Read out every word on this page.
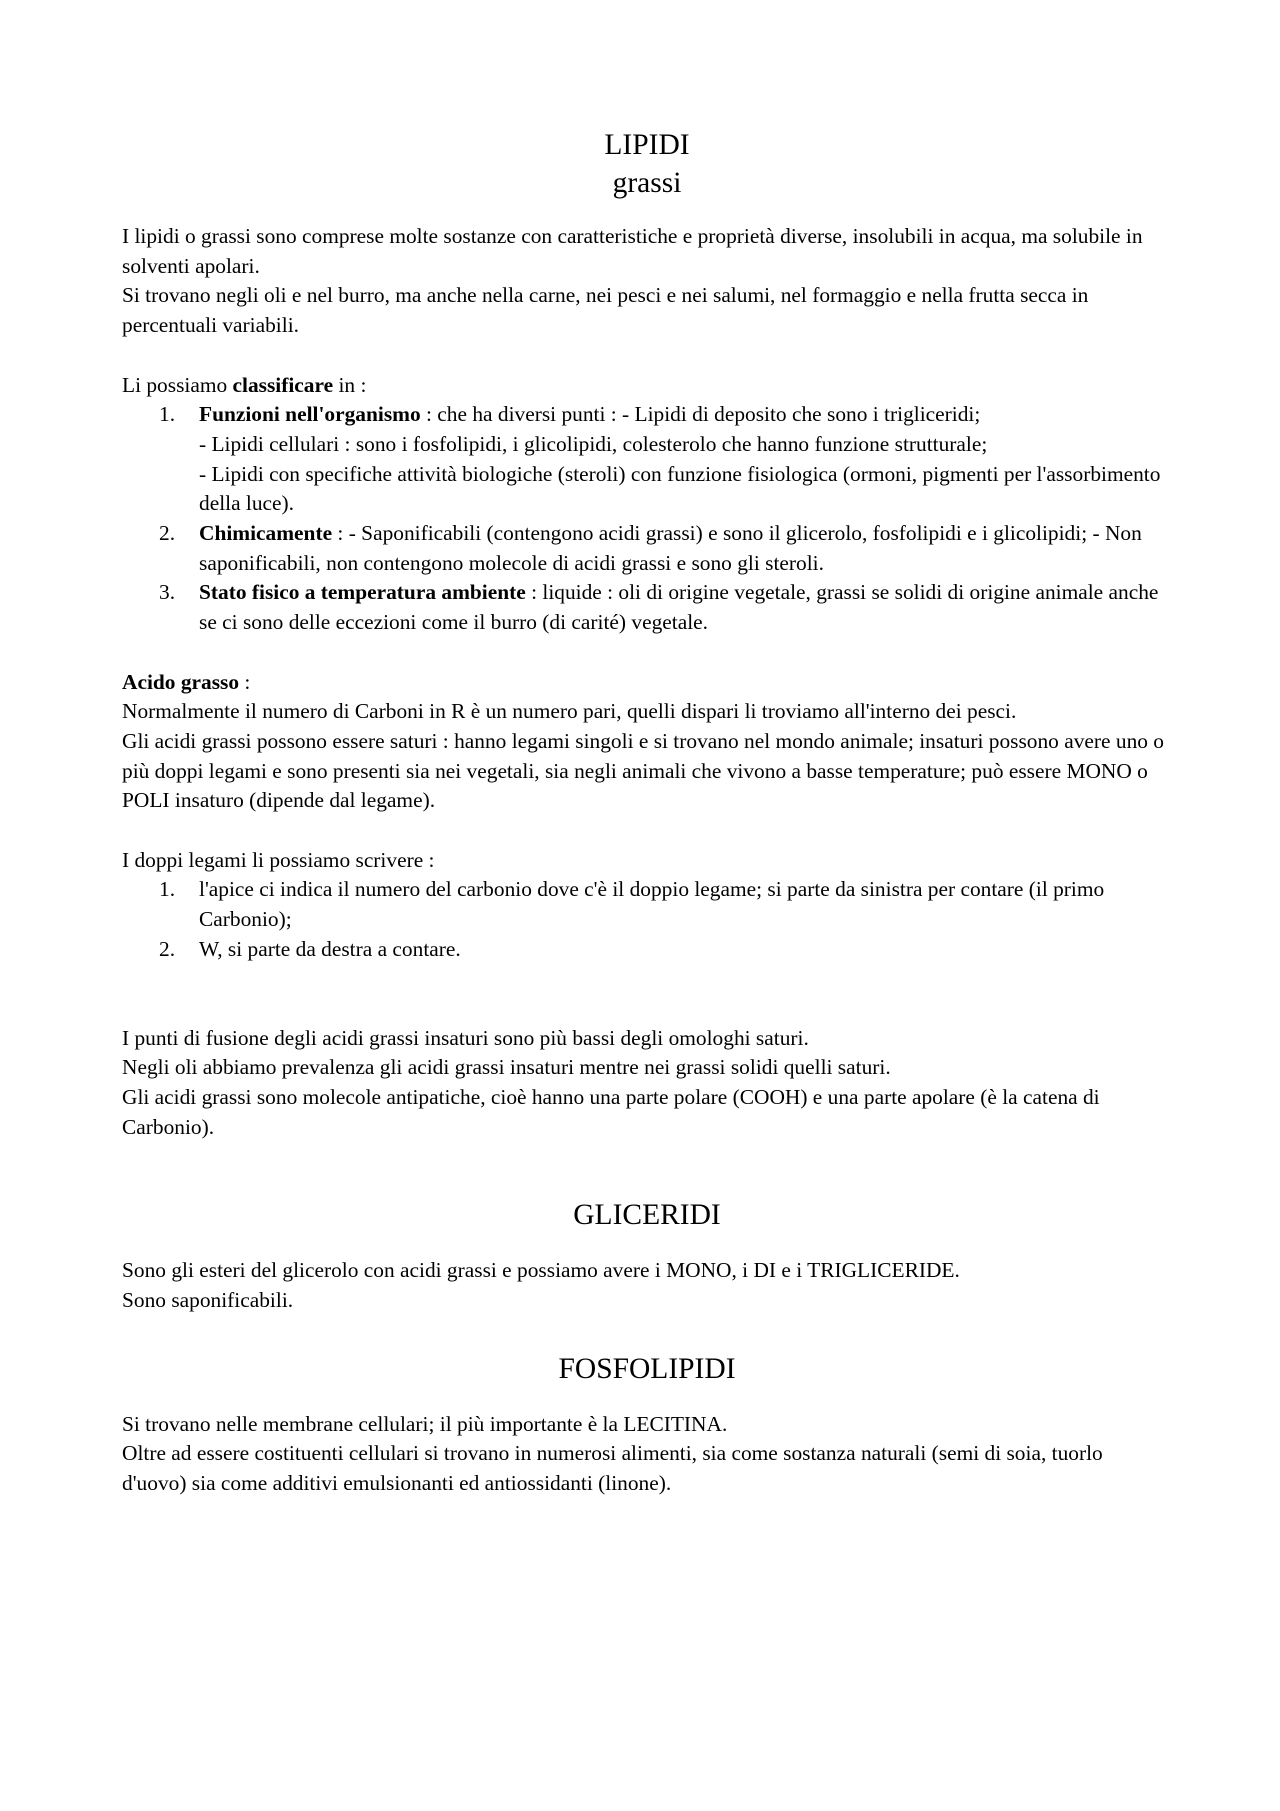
LIPIDI
grassi

I lipidi o grassi sono comprese molte sostanze con caratteristiche e proprietà diverse, insolubili in acqua, ma solubile in solventi apolari.

Si trovano negli oli e nel burro, ma anche nella carne, nei pesci e nei salumi, nel formaggio e nella frutta secca in percentuali variabili.

Li possiamo classificare in :

1. Funzioni nell'organismo : che ha diversi punti : - Lipidi di deposito che sono i trigliceridi;
- Lipidi cellulari : sono i fosfolipidi, i glicolipidi, colesterolo che hanno funzione strutturale;
- Lipidi con specifiche attività biologiche (steroli) con funzione fisiologica (ormoni, pigmenti per l'assorbimento della luce).
2. Chimicamente : - Saponificabili (contengono acidi grassi) e sono il glicerolo, fosfolipidi e i glicolipidi; - Non saponificabili, non contengono molecole di acidi grassi e sono gli steroli.
3. Stato fisico a temperatura ambiente : liquide : oli di origine vegetale, grassi se solidi di origine animale anche se ci sono delle eccezioni come il burro (di carité) vegetale.

Acido grasso :

Normalmente il numero di Carboni in R è un numero pari, quelli dispari li troviamo all'interno dei pesci.

Gli acidi grassi possono essere saturi : hanno legami singoli e si trovano nel mondo animale; insaturi possono avere uno o più doppi legami e sono presenti sia nei vegetali, sia negli animali che vivono a basse temperature; può essere MONO o POLI insaturo (dipende dal legame).

I doppi legami li possiamo scrivere :

1. l'apice ci indica il numero del carbonio dove c'è il doppio legame; si parte da sinistra per contare (il primo Carbonio);
2. W, si parte da destra a contare.

I punti di fusione degli acidi grassi insaturi sono più bassi degli omologhi saturi.

Negli oli abbiamo prevalenza gli acidi grassi insaturi mentre nei grassi solidi quelli saturi.

Gli acidi grassi sono molecole antipatiche, cioè hanno una parte polare (COOH) e una parte apolare (è la catena di Carbonio).

GLICERIDI

Sono gli esteri del glicerolo con acidi grassi e possiamo avere i MONO, i DI e i TRIGLICERIDE.

Sono saponificabili.

FOSFOLIPIDI

Si trovano nelle membrane cellulari; il più importante è la LECITINA.

Oltre ad essere costituenti cellulari si trovano in numerosi alimenti, sia come sostanza naturali (semi di soia, tuorlo d'uovo) sia come additivi emulsionanti ed antiossidanti (linone).
